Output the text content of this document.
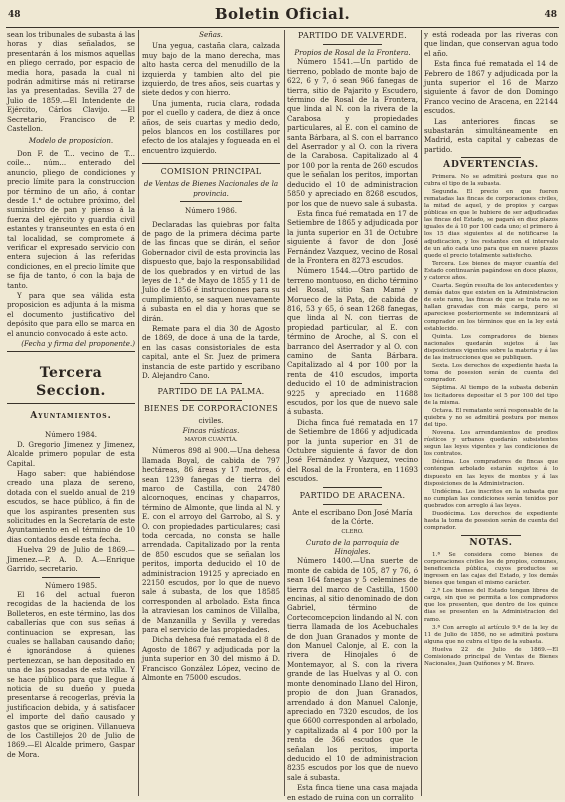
48	Boletin Oficial.	48

sean los tribunales de subasta á las horas y dias señalados, se presentarán á los mismos aquellas en pliego cerrado, por espacio de media hora, pasada la cual ni podrán admitirse más ni retirarse las ya presentadas. Sevilla 27 de Julio de 1859.—El Intendente de Ejército, Cárlos Clavijo. —El Secretario, Francisco de P. Castellon.

Modelo de proposicion.

Don F. de T... vecino de T... coile... núm... enterado del anuncio, pliego de condiciones y precio límite para la construccion por término de un año, á contar desde 1.° de octubre próximo, del suministro de pan y pienso á la fuerza del ejército y guardia civil estantes y transeuntes en esta ó en tal localidad, se compromete á verificar el expresado servicio con entera sujecion á las referidas condiciones, en el precio límite que se fija de tanto, ó con la baja de tanto.

Y para que sea válida esta proposicion es adjunta á la misma el documento justificativo del depósito que para ello se marca en el anuncio convocado á este acto.

(Fecha y firma del proponente.)
Tercera Seccion.
Ayuntamientos.
Número 1984.

D. Gregorio Jimenez y Jimenez, Alcalde primero popular de esta Capital.

Hago saber: que habiéndose creado una plaza de sereno, dotada con el sueldo anual de 219 escudos, se hace público, á fin de que los aspirantes presenten sus solicitudes en la Secretaría de este Ayuntamiento en el término de 10 dias contados desde esta fecha.

Huelva 29 de Julio de 1869.—Jimenez.—P. A. D. A.—Enrique Garrido, secretario.

Número 1985.

El 16 del actual fueron recogidas de la hacienda de los Bolleteros, en este término, las dos caballerías que con sus señas á continuacion se expresan, las cuales se hallaban causando daño; é ignorándose á quienes pertenezcan, se han depositado en una de las posadas de esta villa. Y se hace público para que llegue á noticia de su dueño y pueda presentarse á recogerlas, prévia la justificacion debida, y á satisfacer el importe del daño causado y gastos que se originen. Villanueva de los Castillejos 20 de Julio de 1869.—El Alcalde primero, Gaspar de Mora.

Señas.

Una yegua, castaña clara, calzada muy bajo de la mano derecha, mas alto hasta cerca del menudillo de la izquierda y tambien alto del pie izquierdo, de tres años, seis cuartas y siete dedos y con hierro.

Una jumenta, rucia clara, rodada por el cuello y cadera, de diez á once años, de seis cuartas y medio dedo, pelos blancos en los costillares por efecto de los atalajes y fogueada en el encuentro izquierdo.

COMISION PRINCIPAL
de Ventas de Bienes Nacionales de la provincia.
Número 1986.

Declaradas las quiebras por falta de pago de la primera décima parte de las fincas que se dirán, el señor Gobernador civil de esta provincia las dispuesto que, bajo la responsabilidad de los quebrados y en virtud de las leyes de 1.° de Mayo de 1855 y 11 de Julio de 1856 é instrucciones para su cumplimiento, se saquen nuevamente á subasta en el dia y horas que se dirán.

Remate para el dia 30 de Agosto de 1869, de doce á una de la tarde, en las casas consistoriales de esta capital, ante el Sr. Juez de primera instancia de este partido y escribano D. Alejandro Cano.

PARTIDO DE LA PALMA.
BIENES DE CORPORACIONES
civiles.
Fincas rústicas.
MAYOR CUANTÍA.

Números 898 al 900.—Una dehesa llamada Boyal, de cabida de 797 hectáreas, 86 áreas y 17 metros, ó sean 1239 fanegas de tierra del marco de Castilla, con 24780 alcornoques, encinas y chaparros, término de Almonte, que linda al N. y E. con el arroyo del Garrobo, al S. y O. con propiedades particulares; casi toda cercada, no consta se halle arrendada. Capitalizado por la renta de 850 escudos que se señalan los peritos, importa deducido el 10 de administracion 19125 y apreciado en 22150 escudos, por lo que de nuevo sale á subasta, de los que 18585 corresponden al arbolado. Esta finca la atraviesan los caminos de Villalba, de Manzanilla y Sevilla y veredas para el servicio de las propiedades.

Dicha dehesa fué rematada el 8 de Agosto de 1867 y adjudicada por la junta superior en 30 del mismo á D. Francisco González López, vecino de Almonte en 75000 escudos.

PARTIDO DE VALVERDE.
Propios de Rosal de la Frontera.

Número 1541.—Un partido de tierreno, poblado de monte bajo de 622, 6 y 7, ó sean 966 fanegas de tierra, sitio de Pajarito y Escudero, término de Rosal de la Frontera, que linda al N. con la rivera de la Carabosa y propiedades particulares, al E. con el camino de santa Bárbara, al S. con el barranco del Aserrador y al O. con la rivera de la Carabosa. Capitalizado al 4 por 100 por la renta de 260 escudos que le señalan los peritos, importan deducido el 10 de administracion 5850 y apreciado en 8268 escudos, por los que de nuevo sale á subasta.

Esta finca fué rematada en 17 de Setiembre de 1865 y adjudicada por la junta superior en 31 de Octubre siguiente á favor de don José Fernández Vazquez, vecino de Rosal de la Frontera en 8273 escudos.

Número 1544.—Otro partido de terreno montuoso, en dicho término del Rosal, sitio San Mamé y Morueco de la Pata, de cabida de 816, 53 y 65, ó sean 1268 fanegas, que linda al N. con tierras de propiedad particular, al E. con término de Aroche, al S. con el barranco del Aserrador y al O. con camino de Santa Bárbara. Capitalizado al 4 por 100 por la renta de 410 escudos, importa deducido el 10 de administracion 9225 y apreciado en 11688 escudos, por los que de nuevo sale á subasta.

Dicha finca fué rematada en 17 de Setiembre de 1866 y adjudicada por la junta superior en 31 de Octubre siguiente á favor de don José Fernández y Vazquez, vecino del Rosal de la Frontera, en 11693 escudos.

PARTIDO DE ARACENA.
Ante el escribano Don José María de la Córte.
CLERO.
Curato de la parroquia de Hinojales.

Número 1400.—Una suerte de monte de cabida de 105, 87 y 76, ó sean 164 fanegas y 5 celemines de tierra del marco de Castilla, 1500 encinas, al sitio denominado de don Gabriel, término de Cortecomcepcion lindando al N. con tierra llamada de los Acebuchales de don Juan Granados y monte de don Manuel Calonje, al E. con la rivera de Hinojales ó de Montemayor, al S. con la rivera grande de las Huelvas y al O. con monte denominado Llano del Hiron, propio de don Juan Granados, arrendado á don Manuel Calonje, apreciado en 7320 escudos, de los que 6600 corresponden al arbolado, y capitalizada al 4 por 100 por la renta de 366 escudos que le señalan los peritos, importa deducido el 10 de administracion 8235 escudos por los que de nuevo sale á subasta.

Esta finca tiene una casa majada en estado de ruina con un corralito

y está rodeada por las riveras con que lindan, que conservan agua todo el año.

Esta finca fué rematada el 14 de Febrero de 1867 y adjudicada por la junta superior el 16 de Marzo siguiente á favor de don Domingo Franco vecino de Aracena, en 22144 escudos.

Las anteriores fincas se subastarán simultáneamente en Madrid, esta capital y cabezas de partido.

ADVERTENCIAS.

Primera. No se admitirá postura que no cubra el tipo de la subasta.

Segunda. El precio en que fueren rematadas las fincas de corporaciones civiles, la mitad de aquel, y de propios y cargas públicas en que le hubiere de ser adjudicadas las fincas del Estado, se pagará en diez plazos iguales de á 10 por 100 cada uno; el primero á los 15 dias siguientes al de notificarse la adjudicacion, y los restantes con el intervalo de un año cada uno para que en nueve plazos quede el precio totalmente satisfecho.

Tercera. Los bienes de mayor cuantía del Estado continuarán pagándose en doce plazos, y catorce años.

Cuarta. Según resulta de los antecedentes y demás datos que existen en la Administracion de este ramo, las fincas de que se trata no se hallan gravadas con más carga, pero si apareciese posteriormente se indemnizará al comprador en los términos que en la ley está establecido.

Quinta. Los compradores de bienes nacionales quedarán sujetos á las disposiciones vigentes sobre la materia y á las de las instrucciones que se publiquen.

Sexta. Los derechos de expediente hasta la toma de posesion serán de cuenta del comprador.

Séptima. Al tiempo de la subasta deberán los licitadores depositar el 5 por 100 del tipo de la misma.

Octava. El rematante será responsable de la quiebra y no se admitirá postura por menos del tipo.

Novena. Los arrendamientos de predios rústicos y urbanos quedarán subsistentes segun las leyes vigentes y las condiciones de los contratos.

Décima. Los compradores de fincas que contengan arbolado estarán sujetos á lo dispuesto en las leyes de montes y á las disposiciones de la Administracion.

Undécima. Los inscritos en la subasta que no cumplan las condiciones serán tenidos por quebrados con arreglo á las leyes.

Duodécima. Los derechos de expediente hasta la toma de posesion serán de cuenta del comprador.

NOTAS.

1.ª Se considera como bienes de corporaciones civiles los de propios, comunes, beneficencia pública, cuyos productos se ingresen en las cajas del Estado, y los demás bienes que tengan el mismo carácter.

2.ª Los bienes del Estado tengan libres de carga, sin que se permita a los compradores que los presenten, que dentro de los quince dias se presenten en la Administracion del ramo.

3.ª Con arreglo al artículo 9.º de la ley de 11 de Julio de 1856, no se admitirá postura alguna que no cubra el tipo de la subasta.

Huelva 22 de Julio de 1869.—El Comisionado principal de Ventas de Bienes Nacionales, Juan Quiñones y M. Bravo.
